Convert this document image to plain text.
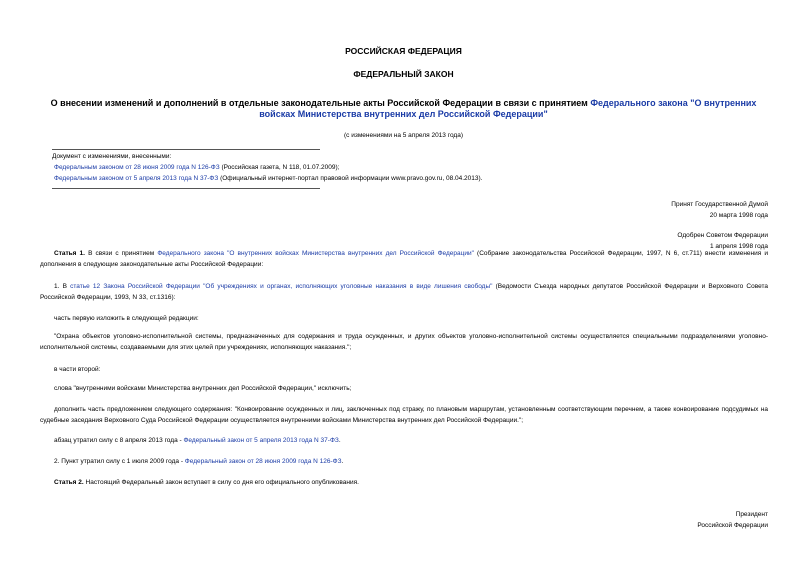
РОССИЙСКАЯ ФЕДЕРАЦИЯ
ФЕДЕРАЛЬНЫЙ ЗАКОН
О внесении изменений и дополнений в отдельные законодательные акты Российской Федерации в связи с принятием Федерального закона "О внутренних войсках Министерства внутренних дел Российской Федерации"
(с изменениями на 5 апреля 2013 года)
Документ с изменениями, внесенными:
Федеральным законом от 28 июня 2009 года N 126-ФЗ (Российская газета, N 118, 01.07.2009);
Федеральным законом от 5 апреля 2013 года N 37-ФЗ (Официальный интернет-портал правовой информации www.pravo.gov.ru, 08.04.2013).
Принят Государственной Думой
20 марта 1998 года
Одобрен Советом Федерации
1 апреля 1998 года
Статья 1. В связи с принятием Федерального закона "О внутренних войсках Министерства внутренних дел Российской Федерации" (Собрание законодательства Российской Федерации, 1997, N 6, ст.711) внести изменения и дополнения в следующие законодательные акты Российской Федерации:
1. В статье 12 Закона Российской Федерации "Об учреждениях и органах, исполняющих уголовные наказания в виде лишения свободы" (Ведомости Съезда народных депутатов Российской Федерации и Верховного Совета Российской Федерации, 1993, N 33, ст.1316):
часть первую изложить в следующей редакции:
"Охрана объектов уголовно-исполнительной системы, предназначенных для содержания и труда осужденных, и других объектов уголовно-исполнительной системы осуществляется специальными подразделениями уголовно-исполнительной системы, создаваемыми для этих целей при учреждениях, исполняющих наказания.";
в части второй:
слова "внутренними войсками Министерства внутренних дел Российской Федерации," исключить;
дополнить часть предложением следующего содержания: "Конвоирование осужденных и лиц, заключенных под стражу, по плановым маршрутам, установленным соответствующим перечнем, а также конвоирование подсудимых на судебные заседания Верховного Суда Российской Федерации осуществляется внутренними войсками Министерства внутренних дел Российской Федерации.";
абзац утратил силу с 8 апреля 2013 года - Федеральный закон от 5 апреля 2013 года N 37-ФЗ.
2. Пункт утратил силу с 1 июля 2009 года - Федеральный закон от 28 июня 2009 года N 126-ФЗ.
Статья 2. Настоящий Федеральный закон вступает в силу со дня его официального опубликования.
Президент
Российской Федерации
